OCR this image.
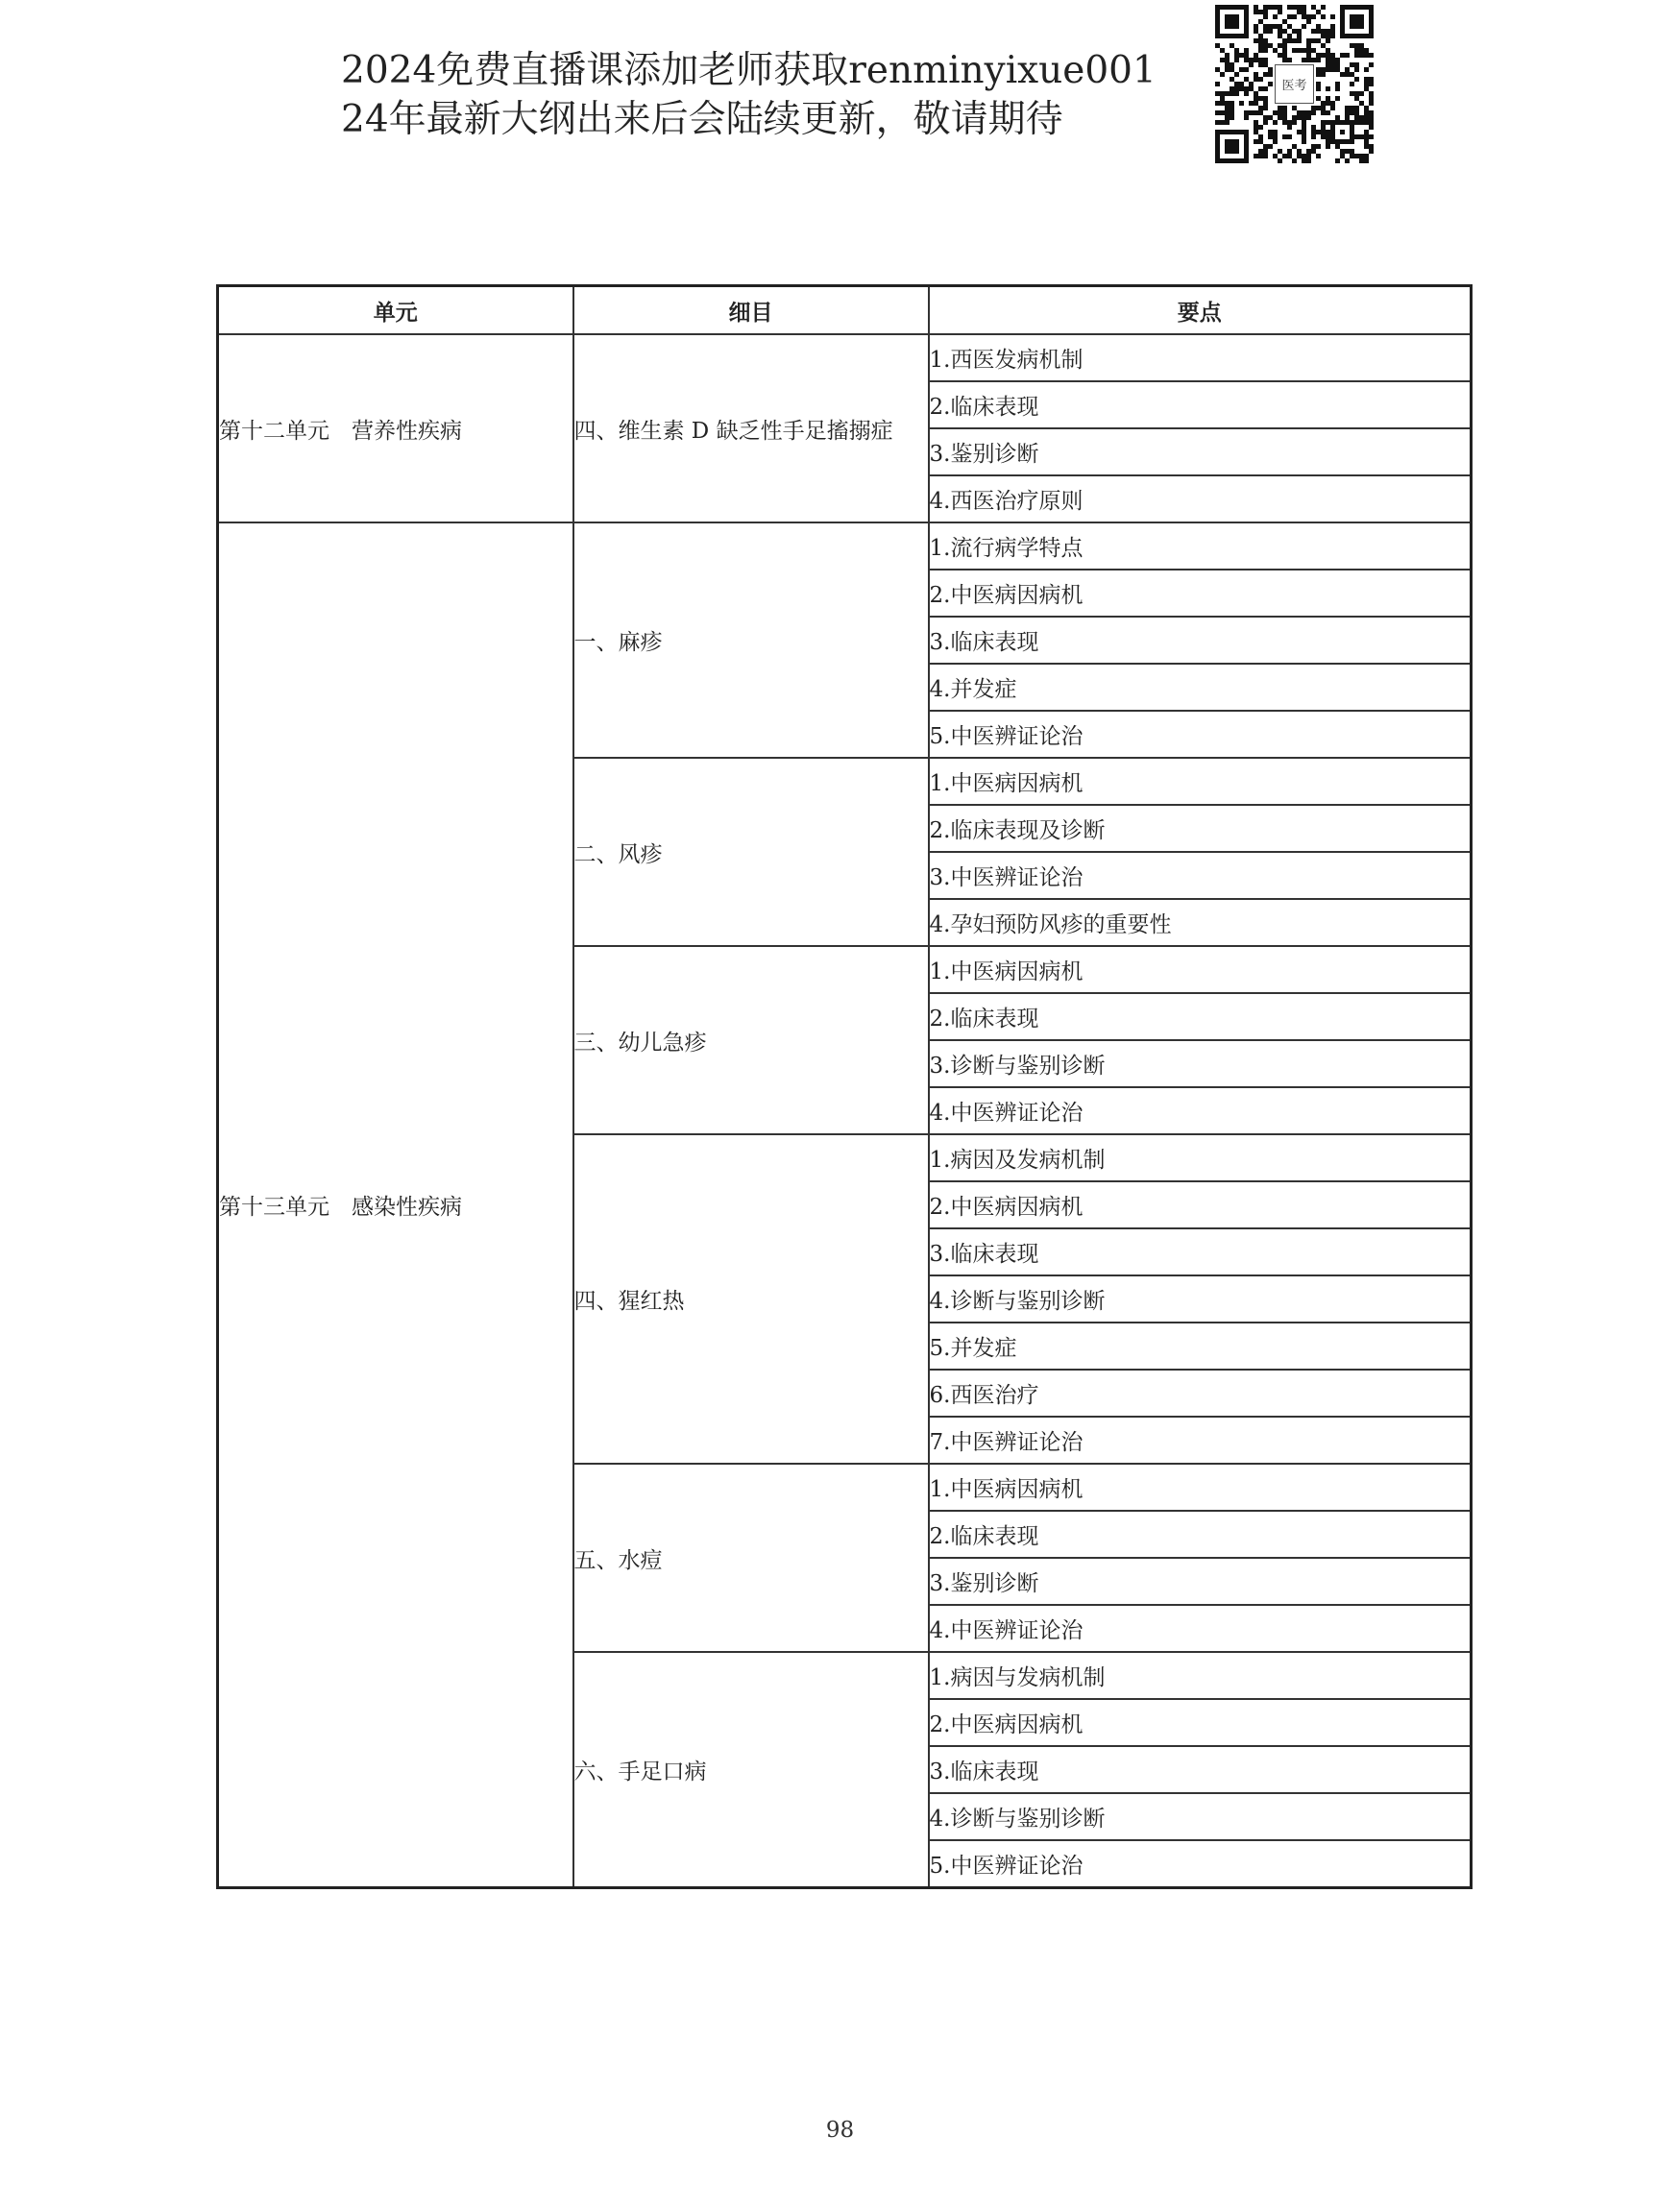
2024免费直播课添加老师获取renminyixue001
24年最新大纲出来后会陆续更新，敬请期待
医考
单元	细目	要点
第十二单元　营养性疾病	四、维生素 D 缺乏性手足搐搦症	1.西医发病机制
		2.临床表现
		3.鉴别诊断
		4.西医治疗原则
第十三单元　感染性疾病	一、麻疹	1.流行病学特点
		2.中医病因病机
		3.临床表现
		4.并发症
		5.中医辨证论治
	二、风疹	1.中医病因病机
		2.临床表现及诊断
		3.中医辨证论治
		4.孕妇预防风疹的重要性
	三、幼儿急疹	1.中医病因病机
		2.临床表现
		3.诊断与鉴别诊断
		4.中医辨证论治
	四、猩红热	1.病因及发病机制
		2.中医病因病机
		3.临床表现
		4.诊断与鉴别诊断
		5.并发症
		6.西医治疗
		7.中医辨证论治
	五、水痘	1.中医病因病机
		2.临床表现
		3.鉴别诊断
		4.中医辨证论治
	六、手足口病	1.病因与发病机制
		2.中医病因病机
		3.临床表现
		4.诊断与鉴别诊断
		5.中医辨证论治
98
